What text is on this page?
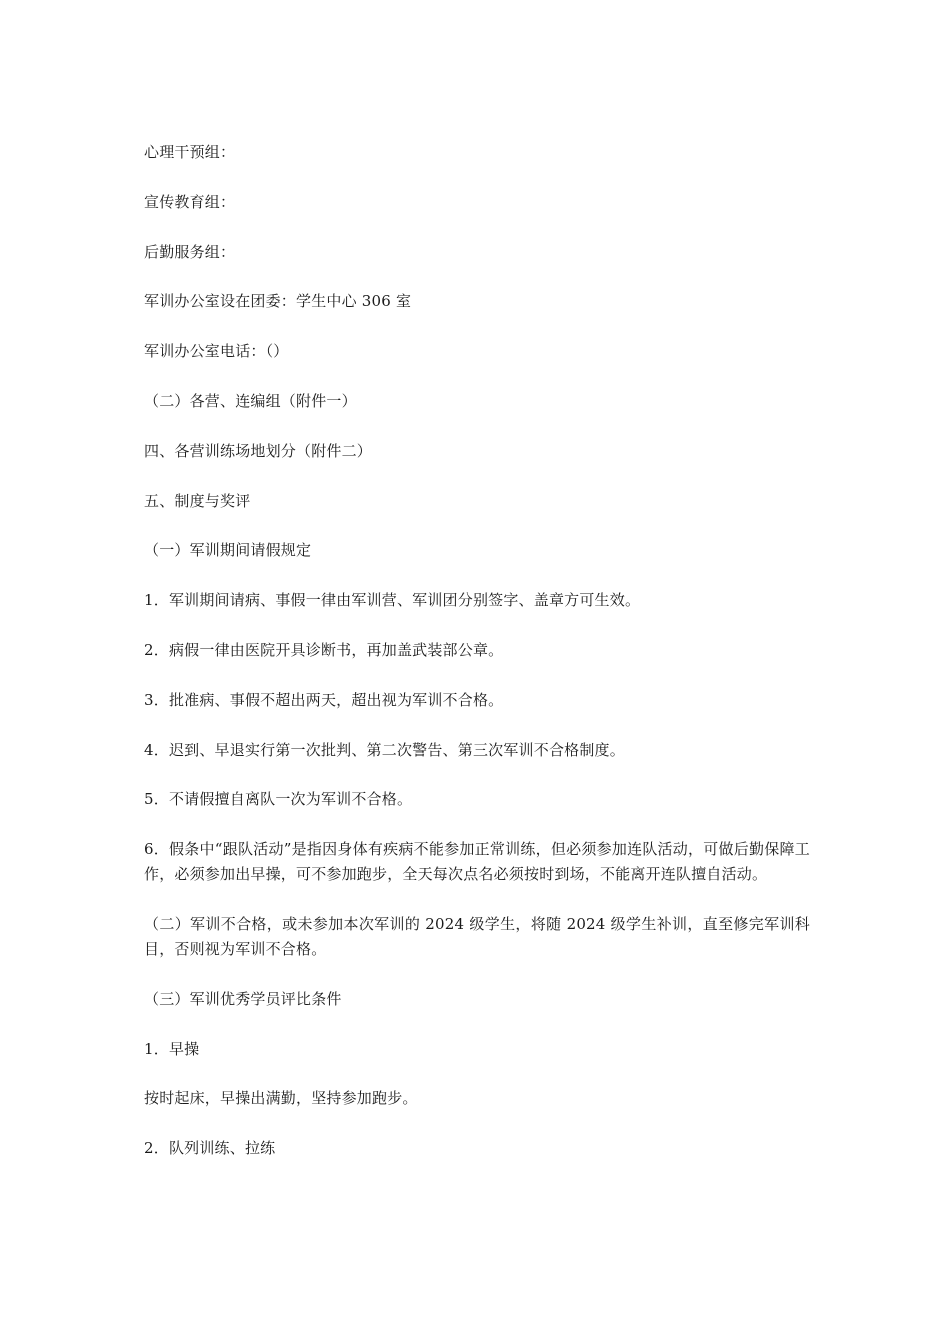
心理干预组：

宣传教育组：

后勤服务组：

军训办公室设在团委：学生中心 306 室

军训办公室电话：（）

（二）各营、连编组（附件一）

四、各营训练场地划分（附件二）

五、制度与奖评

（一）军训期间请假规定

1．军训期间请病、事假一律由军训营、军训团分别签字、盖章方可生效。

2．病假一律由医院开具诊断书，再加盖武装部公章。

3．批准病、事假不超出两天，超出视为军训不合格。

4．迟到、早退实行第一次批判、第二次警告、第三次军训不合格制度。

5．不请假擅自离队一次为军训不合格。

6．假条中“跟队活动”是指因身体有疾病不能参加正常训练，但必须参加连队活动，可做后勤保障工作，必须参加出早操，可不参加跑步，全天每次点名必须按时到场，不能离开连队擅自活动。

（二）军训不合格，或未参加本次军训的 2024 级学生，将随 2024 级学生补训，直至修完军训科目，否则视为军训不合格。

（三）军训优秀学员评比条件

1．早操

按时起床，早操出满勤，坚持参加跑步。

2．队列训练、拉练
